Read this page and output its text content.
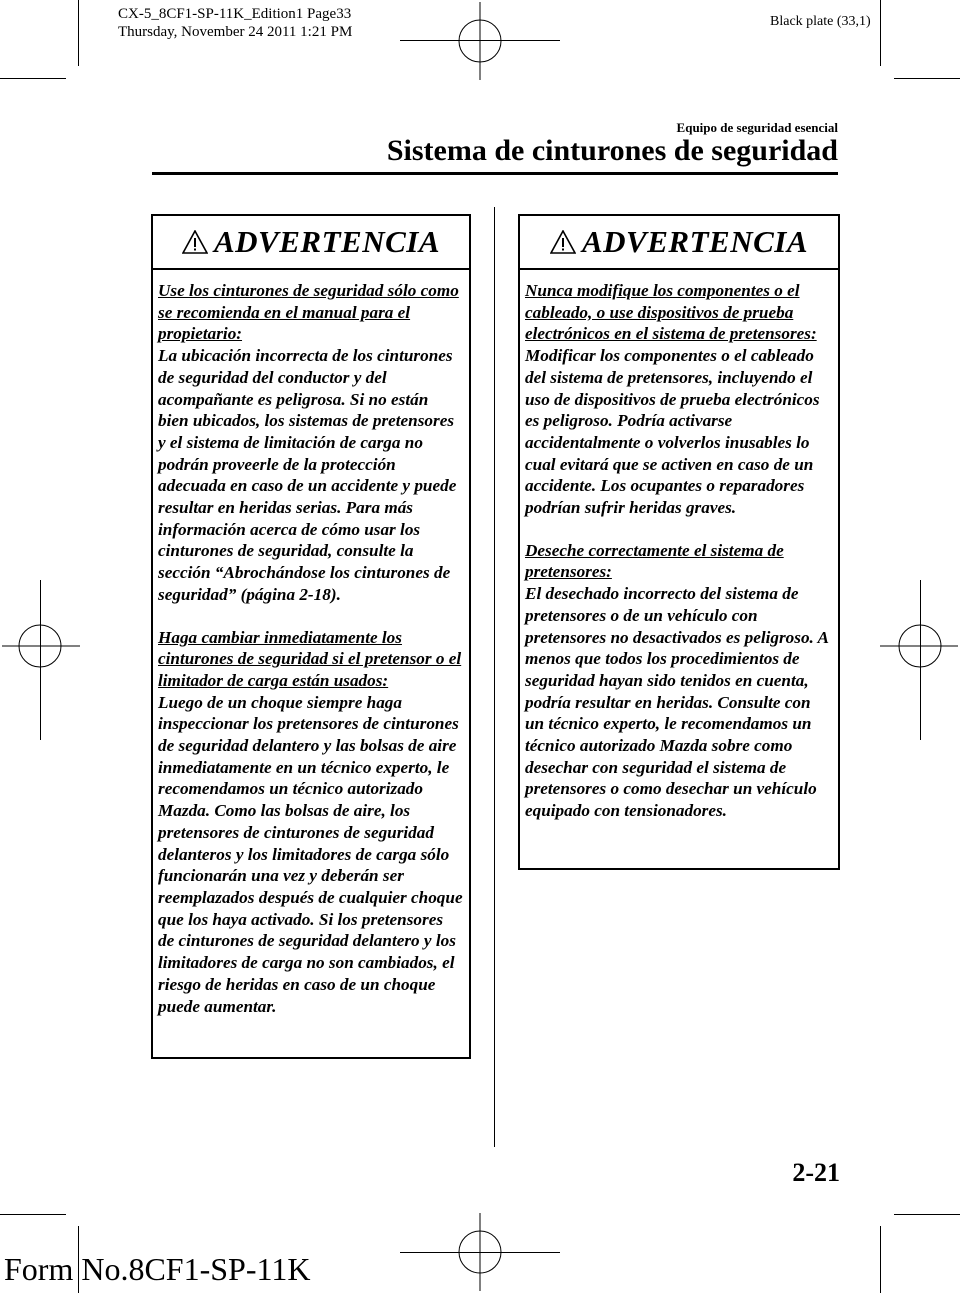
CX-5_8CF1-SP-11K_Edition1 Page33
Thursday, November 24 2011 1:21 PM
Black plate (33,1)
Equipo de seguridad esencial
Sistema de cinturones de seguridad
ADVERTENCIA

Use los cinturones de seguridad sólo como se recomienda en el manual para el propietario:
La ubicación incorrecta de los cinturones de seguridad del conductor y del acompañante es peligrosa. Si no están bien ubicados, los sistemas de pretensores y el sistema de limitación de carga no podrán proveerle de la protección adecuada en caso de un accidente y puede resultar en heridas serias. Para más información acerca de cómo usar los cinturones de seguridad, consulte la sección “Abrochándose los cinturones de seguridad” (página 2-18).

Haga cambiar inmediatamente los cinturones de seguridad si el pretensor o el limitador de carga están usados:
Luego de un choque siempre haga inspeccionar los pretensores de cinturones de seguridad delantero y las bolsas de aire inmediatamente en un técnico experto, le recomendamos un técnico autorizado Mazda. Como las bolsas de aire, los pretensores de cinturones de seguridad delanteros y los limitadores de carga sólo funcionarán una vez y deberán ser reemplazados después de cualquier choque que los haya activado. Si los pretensores de cinturones de seguridad delantero y los limitadores de carga no son cambiados, el riesgo de heridas en caso de un choque puede aumentar.

ADVERTENCIA

Nunca modifique los componentes o el cableado, o use dispositivos de prueba electrónicos en el sistema de pretensores:
Modificar los componentes o el cableado del sistema de pretensores, incluyendo el uso de dispositivos de prueba electrónicos es peligroso. Podría activarse accidentalmente o volverlos inusables lo cual evitará que se activen en caso de un accidente. Los ocupantes o reparadores podrían sufrir heridas graves.

Deseche correctamente el sistema de pretensores:
El desechado incorrecto del sistema de pretensores o de un vehículo con pretensores no desactivados es peligroso. A menos que todos los procedimientos de seguridad hayan sido tenidos en cuenta, podría resultar en heridas. Consulte con un técnico experto, le recomendamos un técnico autorizado Mazda sobre como desechar con seguridad el sistema de pretensores o como desechar un vehículo equipado con tensionadores.

2-21
Form No.8CF1-SP-11K
